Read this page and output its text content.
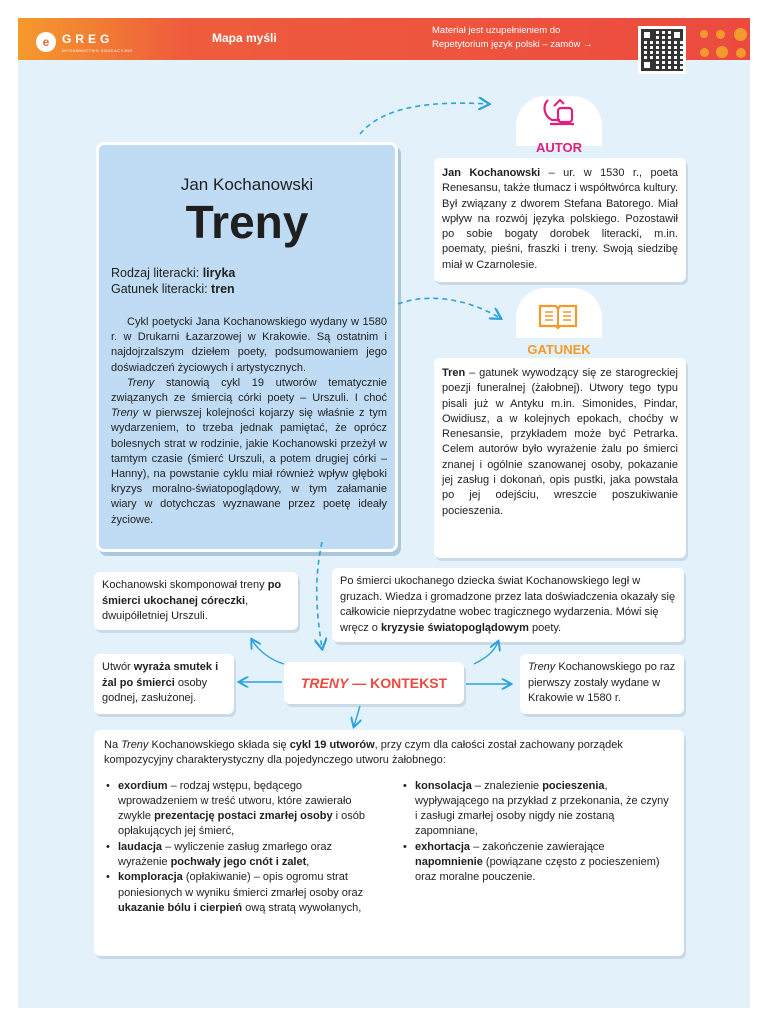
e	GREG
WYDAWNICTWO EDUKACYJNE
Mapa myśli
Materiał jest uzupełnieniem do
Repetytorium język polski – zamów →
Jan Kochanowski
Treny
Rodzaj literacki: liryka
Gatunek literacki: tren

Cykl poetycki Jana Kochanowskiego wydany w 1580 r. w Drukarni Łazarzowej w Krakowie. Są ostatnim i najdojrzalszym dziełem poety, podsumowaniem jego doświadczeń życiowych i artystycznych.

Treny stanowią cykl 19 utworów tematycznie związanych ze śmiercią córki poety – Urszuli. I choć Treny w pierwszej kolejności kojarzy się właśnie z tym wydarzeniem, to trzeba jednak pamiętać, że oprócz bolesnych strat w rodzinie, jakie Kochanowski przeżył w tamtym czasie (śmierć Urszuli, a potem drugiej córki – Hanny), na powstanie cyklu miał również wpływ głęboki kryzys moralno-światopoglądowy, w tym załamanie wiary w dotychczas wyznawane przez poetę ideały życiowe.

AUTOR
Jan Kochanowski – ur. w 1530 r., poeta Renesansu, także tłumacz i współtwórca kultury. Był związany z dworem Stefana Batorego. Miał wpływ na rozwój języka polskiego. Pozostawił po sobie bogaty dorobek literacki, m.in. poematy, pieśni, fraszki i treny. Swoją siedzibę miał w Czarnolesie.
GATUNEK
Tren – gatunek wywodzący się ze starogreckiej poezji funeralnej (żałobnej). Utwory tego typu pisali już w Antyku m.in. Simonides, Pindar, Owidiusz, a w kolejnych epokach, choćby w Renesansie, przykładem może być Petrarka. Celem autorów było wyrażenie żalu po śmierci znanej i ogólnie szanowanej osoby, pokazanie jej zasług i dokonań, opis pustki, jaka powstała po jej odejściu, wreszcie poszukiwanie pocieszenia.
Kochanowski skomponował treny po śmierci ukochanej córeczki, dwuipółletniej Urszuli.
Po śmierci ukochanego dziecka świat Kochanowskiego legł w gruzach. Wiedza i gromadzone przez lata doświadczenia okazały się całkowicie nieprzydatne wobec tragicznego wydarzenia. Mówi się wręcz o kryzysie światopoglądowym poety.
Utwór wyraża smutek i żal po śmierci osoby godnej, zasłużonej.
Treny Kochanowskiego po raz pierwszy zostały wydane w Krakowie w 1580 r.
TRENY — KONTEKST
Na Treny Kochanowskiego składa się cykl 19 utworów, przy czym dla całości został zachowany porządek kompozycyjny charakterystyczny dla pojedynczego utworu żałobnego:
• exordium – rodzaj wstępu, będącego wprowadzeniem w treść utworu, które zawierało zwykle prezentację postaci zmarłej osoby i osób opłakujących jej śmierć,
• laudacja – wyliczenie zasług zmarłego oraz wyrażenie pochwały jego cnót i zalet,
• komploracja (opłakiwanie) – opis ogromu strat poniesionych w wyniku śmierci zmarłej osoby oraz ukazanie bólu i cierpień ową stratą wywołanych,
• konsolacja – znalezienie pocieszenia, wypływającego na przykład z przekonania, że czyny i zasługi zmarłej osoby nigdy nie zostaną zapomniane,
• exhortacja – zakończenie zawierające napomnienie (powiązane często z pocieszeniem) oraz moralne pouczenie.
